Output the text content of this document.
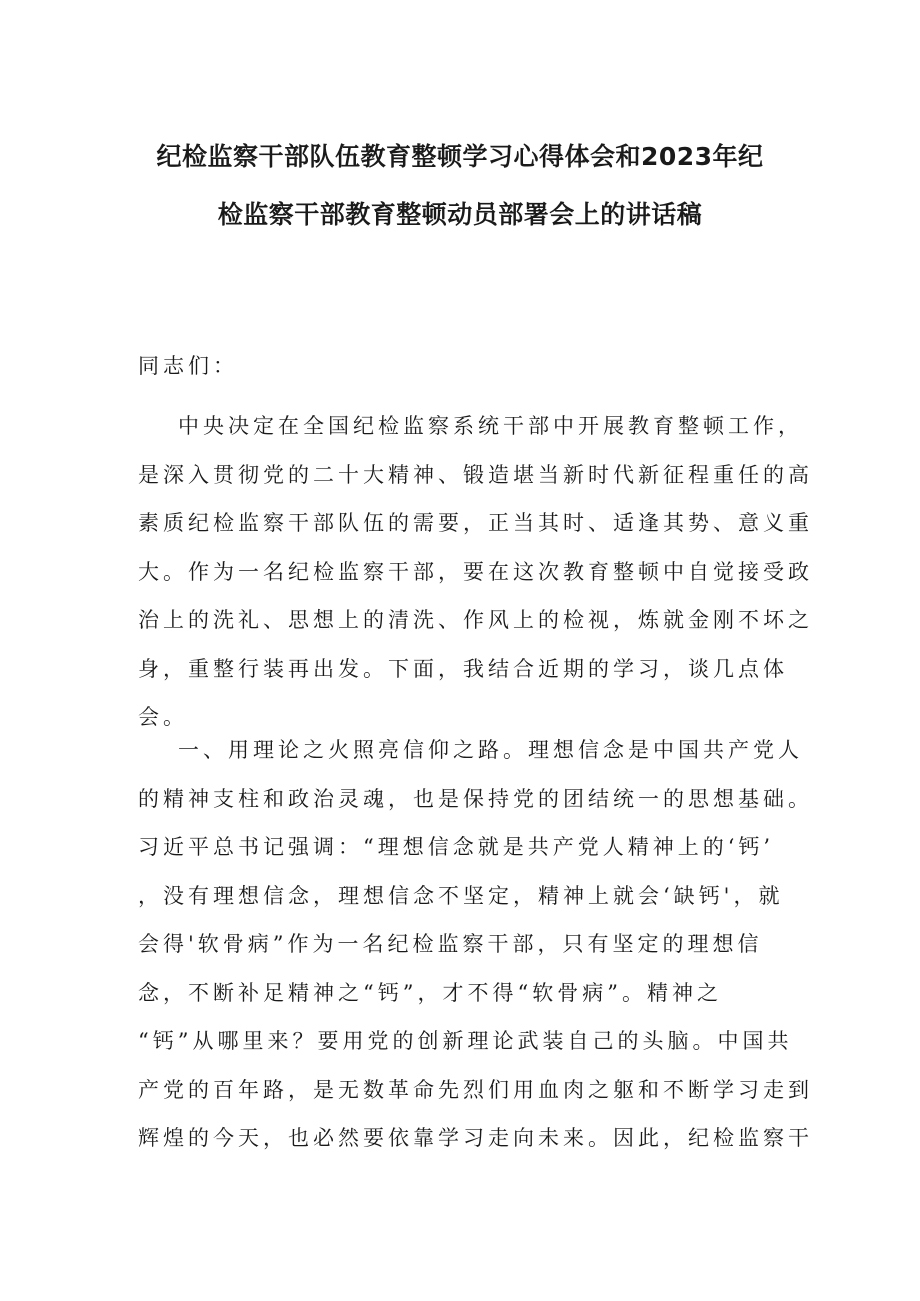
纪检监察干部队伍教育整顿学习心得体会和2023年纪
检监察干部教育整顿动员部署会上的讲话稿
同志们：
中央决定在全国纪检监察系统干部中开展教育整顿工作，
是深入贯彻党的二十大精神、锻造堪当新时代新征程重任的高
素质纪检监察干部队伍的需要，正当其时、适逢其势、意义重
大。作为一名纪检监察干部，要在这次教育整顿中自觉接受政
治上的洗礼、思想上的清洗、作风上的检视，炼就金刚不坏之
身，重整行装再出发。下面，我结合近期的学习，谈几点体
会。
一、用理论之火照亮信仰之路。理想信念是中国共产党人
的精神支柱和政治灵魂，也是保持党的团结统一的思想基础。
习近平总书记强调：“理想信念就是共产党人精神上的‘钙’
，没有理想信念，理想信念不坚定，精神上就会‘缺钙'，就
会得'软骨病”作为一名纪检监察干部，只有坚定的理想信
念，不断补足精神之“钙”，才不得“软骨病”。精神之
“钙”从哪里来？要用党的创新理论武装自己的头脑。中国共
产党的百年路，是无数革命先烈们用血肉之躯和不断学习走到
辉煌的今天，也必然要依靠学习走向未来。因此，纪检监察干
